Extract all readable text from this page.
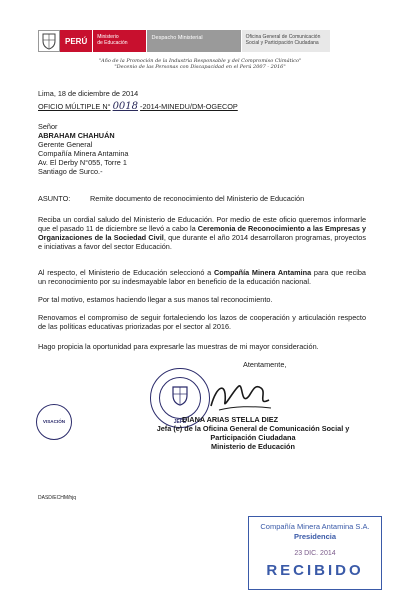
PERÚ	Ministerio
de Educación
Despacho Ministerial	Oficina General de Comunicación
Social y Participación Ciudadana
"Año de la Promoción de la Industria Responsable y del Compromiso Climático"
"Decenio de las Personas con Discapacidad en el Perú 2007 - 2016"
Lima, 18 de diciembre de 2014
OFICIO MÚLTIPLE N° 0018 -2014-MINEDU/DM-OGECOP
Señor
ABRAHAM CHAHUÁN
Gerente General
Compañía Minera Antamina
Av. El Derby N°055, Torre 1
Santiago de Surco.-
ASUNTO:	Remite documento de reconocimiento del Ministerio de Educación
Reciba un cordial saludo del Ministerio de Educación. Por medio de este oficio queremos informarle que el pasado 11 de diciembre se llevó a cabo la Ceremonia de Reconocimiento a las Empresas y Organizaciones de la Sociedad Civil, que durante el año 2014 desarrollaron programas, proyectos e iniciativas a favor del sector Educación.
Al respecto, el Ministerio de Educación seleccionó a Compañía Minera Antamina para que reciba un reconocimiento por su indesmayable labor en beneficio de la educación nacional.
Por tal motivo, estamos haciendo llegar a sus manos tal reconocimiento.
Renovamos el compromiso de seguir fortaleciendo los lazos de cooperación y articulación respecto de las políticas educativas priorizadas por el sector al 2016.
Hago propicia la oportunidad para expresarle las muestras de mi mayor consideración.
Atentamente,
JEFE
DIANA ARIAS STELLA DIEZ
Jefa (e) de la Oficina General de Comunicación Social y
Participación Ciudadana
Ministerio de Educación
VISACIÓN
DASD/ECHM/hjq
Compañía Minera Antamina S.A.
Presidencia
23 DIC. 2014
RECIBIDO
